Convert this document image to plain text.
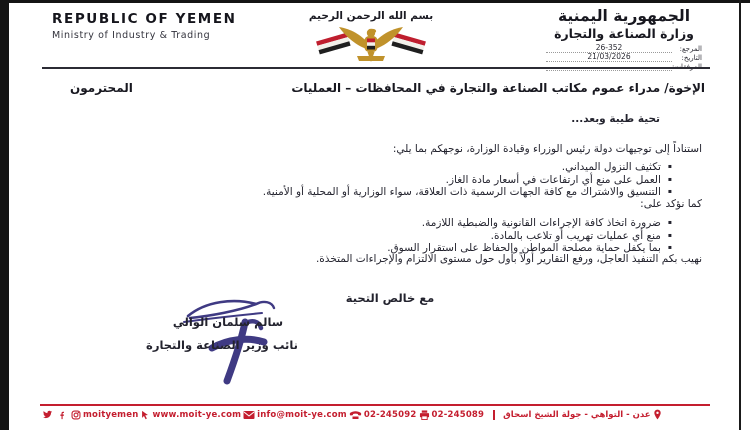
REPUBLIC OF YEMEN
Ministry of Industry & Trading
بسم الله الرحمن الرحيم	الجمهورية اليمنية
وزارة الصناعة والتجارة
المرجع:
26-352
التاريخ:
21/03/2026
الإخوة/ مدراء عموم مكاتب الصناعة والتجارة في المحافظات – العمليات
المحترمون
تحية طيبة وبعد...
استناداً إلى توجيهات دولة رئيس الوزراء وقيادة الوزارة، نوجهكم بما يلي:
▪ تكثيف النزول الميداني.
▪ العمل على منع أي ارتفاعات في أسعار مادة الغاز.
▪ التنسيق والاشتراك مع كافة الجهات الرسمية ذات العلاقة، سواء الوزارية أو المحلية أو الأمنية.
كما نؤكد على:
▪ ضرورة اتخاذ كافة الإجراءات القانونية والضبطية اللازمة.
▪ منع أي عمليات تهريب أو تلاعب بالمادة.
▪ بما يكفل حماية مصلحة المواطن والحفاظ على استقرار السوق.
نهيب بكم التنفيذ العاجل، ورفع التقارير أولاً بأول حول مستوى الالتزام والإجراءات المتخذة.
مع خالص التحية
سالم سلمان الوالي
نائب وزير الصناعة والتجارة
moityemen www.moit-ye.com info@moit-ye.com 02-245092 02-245089 عدن - التواهي - جولة الشيخ اسحاق
